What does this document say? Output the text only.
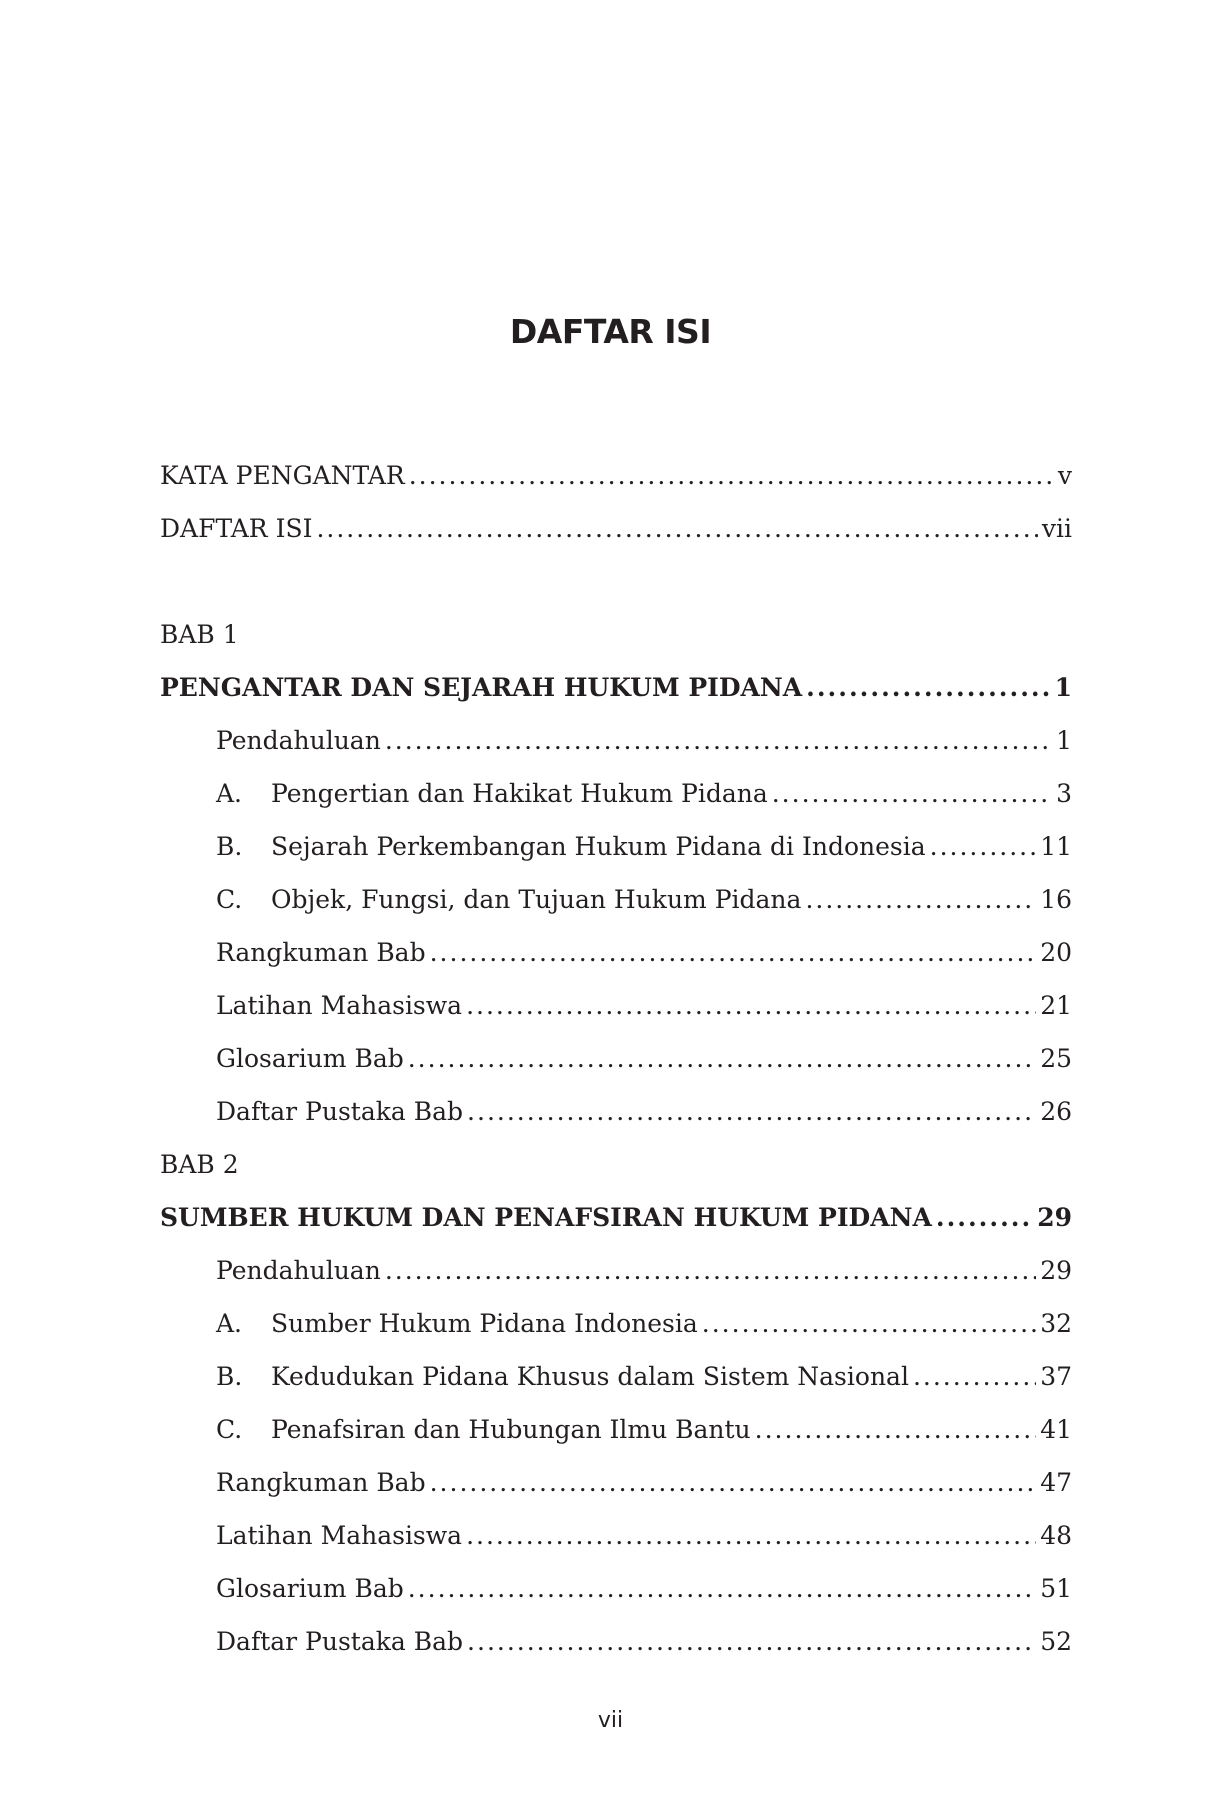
DAFTAR ISI
KATA PENGANTAR .....	v
DAFTAR ISI .....	vii
BAB 1
PENGANTAR DAN SEJARAH HUKUM PIDANA .....	1
Pendahuluan .....	1
A.	Pengertian dan Hakikat Hukum Pidana .....	3
B.	Sejarah Perkembangan Hukum Pidana di Indonesia .....	11
C.	Objek, Fungsi, dan Tujuan Hukum Pidana .....	16
Rangkuman Bab .....	20
Latihan Mahasiswa .....	21
Glosarium Bab .....	25
Daftar Pustaka Bab .....	26
BAB 2
SUMBER HUKUM DAN PENAFSIRAN HUKUM PIDANA .....	29
Pendahuluan .....	29
A.	Sumber Hukum Pidana Indonesia .....	32
B.	Kedudukan Pidana Khusus dalam Sistem Nasional .....	37
C.	Penafsiran dan Hubungan Ilmu Bantu .....	41
Rangkuman Bab .....	47
Latihan Mahasiswa .....	48
Glosarium Bab .....	51
Daftar Pustaka Bab .....	52
vii
